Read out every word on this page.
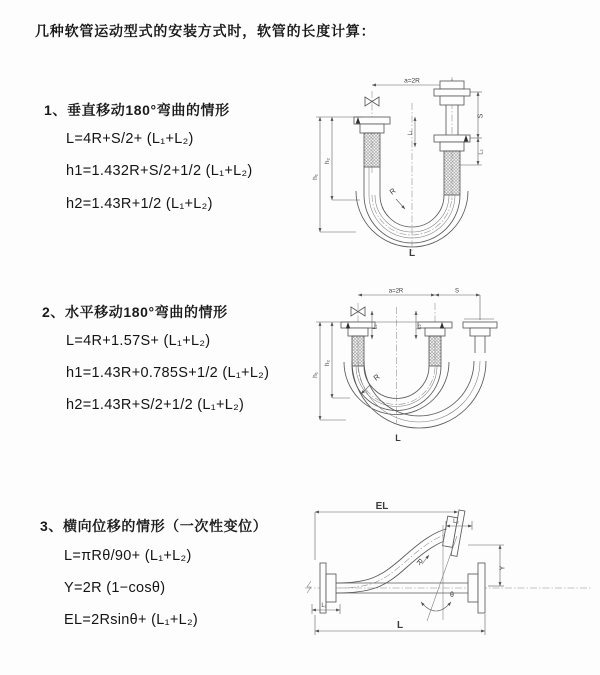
几种软管运动型式的安装方式时，软管的长度计算：
1、垂直移动180°弯曲的情形
L=4R+S/2+ (L₁+L₂)
h1=1.432R+S/2+1/2 (L₁+L₂)
h2=1.43R+1/2 (L₁+L₂)
2、水平移动180°弯曲的情形
L=4R+1.57S+ (L₁+L₂)
h1=1.43R+0.785S+1/2 (L₁+L₂)
h2=1.43R+S/2+1/2 (L₁+L₂)
3、横向位移的情形（一次性变位）
L=πRθ/90+ (L₁+L₂)
Y=2R (1−cosθ)
EL=2Rsinθ+ (L₁+L₂)
a=2R
R
L
h₁
h₂
L₁
S
L₂
a=2R	S
h₁
h₂
L₁	L₂
R
L
EL
L₂
Y
θ
R
L₁
L
